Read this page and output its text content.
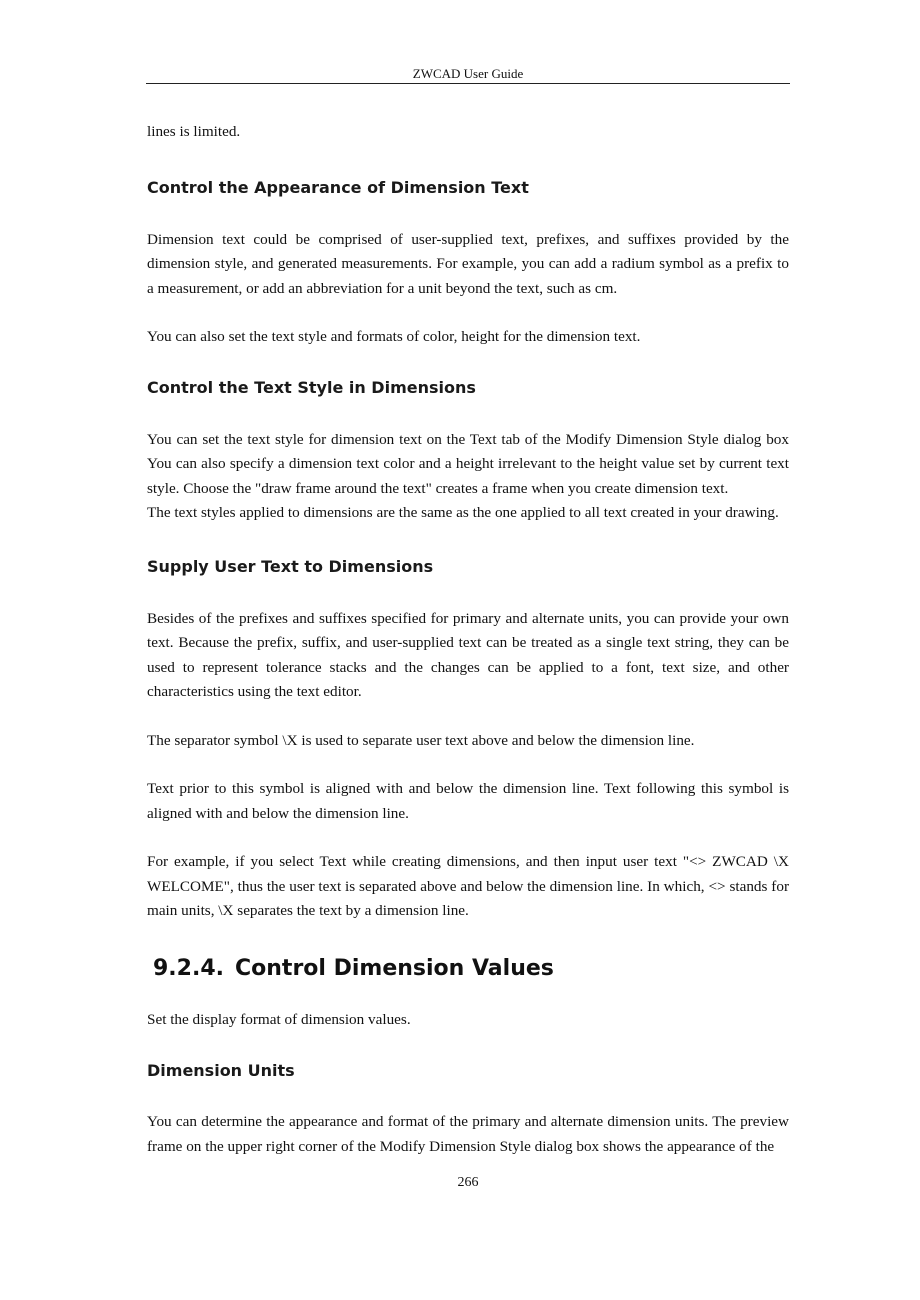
ZWCAD User Guide

lines is limited.

Control the Appearance of Dimension Text

Dimension text could be comprised of user-supplied text, prefixes, and suffixes provided by the dimension style, and generated measurements. For example, you can add a radium symbol as a prefix to a measurement, or add an abbreviation for a unit beyond the text, such as cm.

You can also set the text style and formats of color, height for the dimension text.

Control the Text Style in Dimensions

You can set the text style for dimension text on the Text tab of the Modify Dimension Style dialog box You can also specify a dimension text color and a height irrelevant to the height value set by current text style. Choose the "draw frame around the text" creates a frame when you create dimension text.

The text styles applied to dimensions are the same as the one applied to all text created in your drawing.

Supply User Text to Dimensions

Besides of the prefixes and suffixes specified for primary and alternate units, you can provide your own text. Because the prefix, suffix, and user-supplied text can be treated as a single text string, they can be used to represent tolerance stacks and the changes can be applied to a font, text size, and other characteristics using the text editor.

The separator symbol \X is used to separate user text above and below the dimension line.

Text prior to this symbol is aligned with and below the dimension line. Text following this symbol is aligned with and below the dimension line.

For example, if you select Text while creating dimensions, and then input user text "<> ZWCAD \X WELCOME", thus the user text is separated above and below the dimension line. In which, <> stands for main units, \X separates the text by a dimension line.

9.2.4. Control Dimension Values

Set the display format of dimension values.

Dimension Units

You can determine the appearance and format of the primary and alternate dimension units. The preview frame on the upper right corner of the Modify Dimension Style dialog box shows the appearance of the

266
